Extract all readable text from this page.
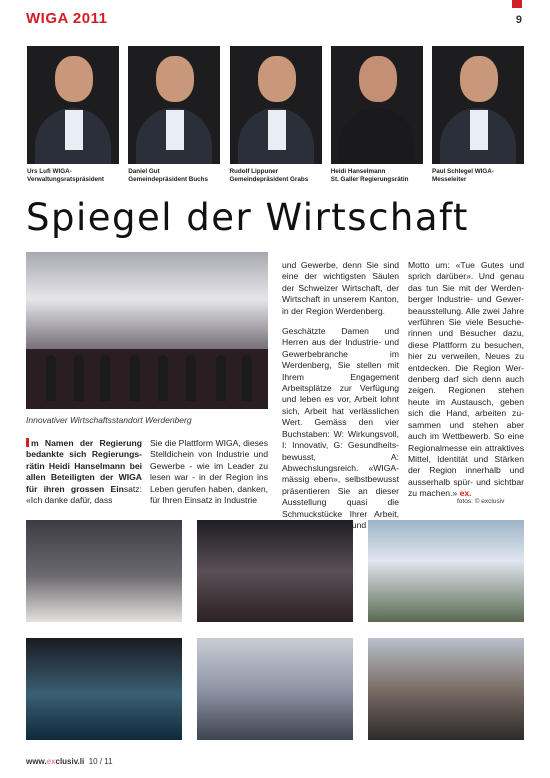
WIGA 2011	9
Urs Lufi WIGA-
Verwaltungsratspräsident
Daniel Gut
Gemeindepräsident Buchs
Rudolf Lippuner
Gemeindepräsident Grabs
Heidi Hanselmann
St. Galler Regierungsrätin
Paul Schlegel WIGA-
Messeleiter
Spiegel der Wirtschaft
Innovativer Wirtschaftsstandort Werdenberg
m Namen der Regierung bedankte sich Regierungsrätin Heidi Hanselmann bei allen Beteiligten der WIGA für ihren grossen Einsatz: «Ich danke dafür, dass
Sie die Plattform WIGA, dieses Stelldichein von Industrie und Gewerbe - wie im Leader zu lesen war - in der Region ins Leben gerufen haben, danken, für Ihren Einsatz in Industrie

und Gewerbe, denn Sie sind eine der wichtigsten Säulen der Schweizer Wirtschaft, der Wirtschaft in unserem Kanton, in der Region Werdenberg.

Geschätzte Damen und Herren aus der Industrie- und Gewerbebranche im Werdenberg, Sie stellen mit Ihrem Engagement Arbeitsplätze zur Verfügung und leben es vor, Arbeit lohnt sich, Arbeit hat verlässlichen Wert. Gemäss den vier Buchstaben: W: Wirkungsvoll, I: Innovativ, G: Gesundheitsbewusst, A: Abwechslungsreich. «WIGA-mässig eben», selbstbewusst präsentieren Sie an dieser Ausstellung quasi die Schmuckstücke Ihrer Arbeit, und

Motto um: «Tue Gutes und sprich darüber». Und genau das tun Sie mit der Werdenberger Industrie- und Gewerbeausstellung. Alle zwei Jahre verführen Sie viele Besucherinnen und Besucher dazu, diese Plattform zu besuchen, hier zu verweilen, Neues zu entdecken. Die Region Werdenberg darf sich denn auch zeigen. Regionen stehen heute im Austausch, geben sich die Hand, arbeiten zusammen und stehen aber auch im Wettbewerb. So eine Regionalmesse ein attraktives Mittel, Identität und Stärken der Region innerhalb und ausserhalb spür- und sichtbar zu machen.» ex.
fotos: © exclusiv
www.exclusiv.li 10 / 11
